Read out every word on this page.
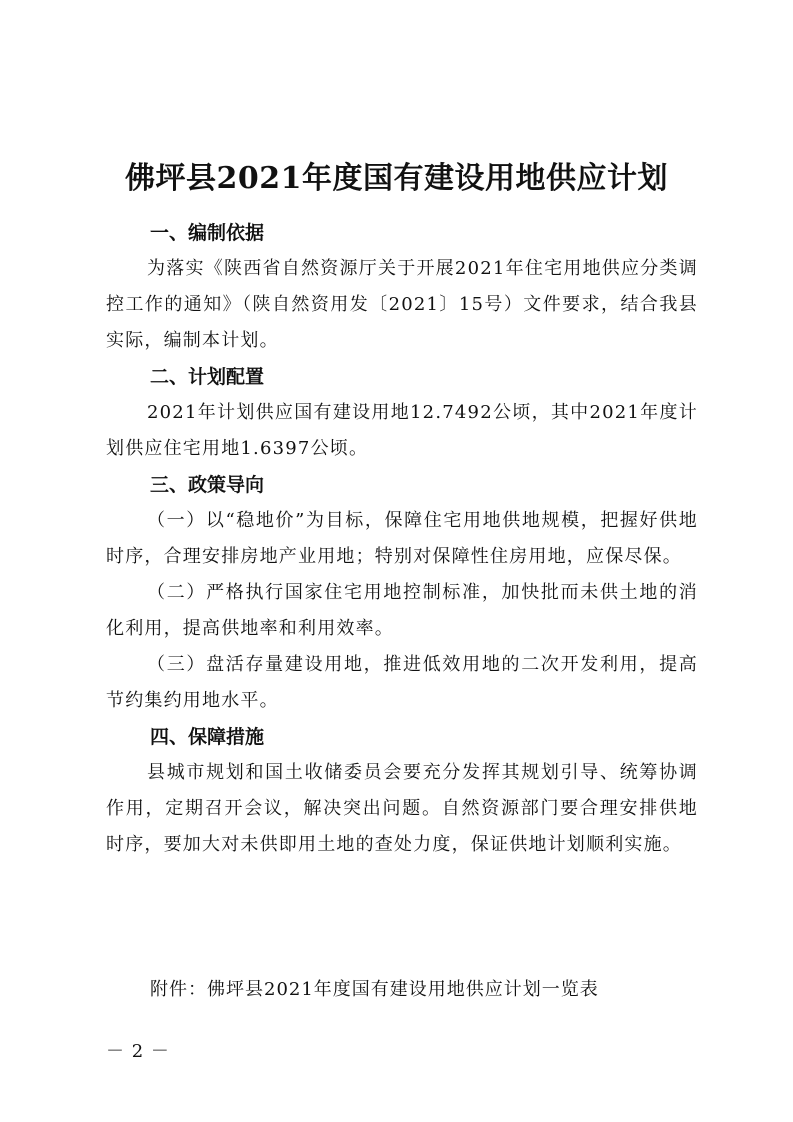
佛坪县2021年度国有建设用地供应计划
一、编制依据

为落实《陕西省自然资源厅关于开展2021年住宅用地供应分类调控工作的通知》（陕自然资用发〔2021〕15号）文件要求，结合我县实际，编制本计划。

二、计划配置

2021年计划供应国有建设用地12.7492公顷，其中2021年度计划供应住宅用地1.6397公顷。

三、政策导向

（一）以“稳地价”为目标，保障住宅用地供地规模，把握好供地时序，合理安排房地产业用地；特别对保障性住房用地，应保尽保。

（二）严格执行国家住宅用地控制标准，加快批而未供土地的消化利用，提高供地率和利用效率。

（三）盘活存量建设用地，推进低效用地的二次开发利用，提高节约集约用地水平。

四、保障措施

县城市规划和国土收储委员会要充分发挥其规划引导、统筹协调作用，定期召开会议，解决突出问题。自然资源部门要合理安排供地时序，要加大对未供即用土地的查处力度，保证供地计划顺利实施。

附件：佛坪县2021年度国有建设用地供应计划一览表
－ 2 －
